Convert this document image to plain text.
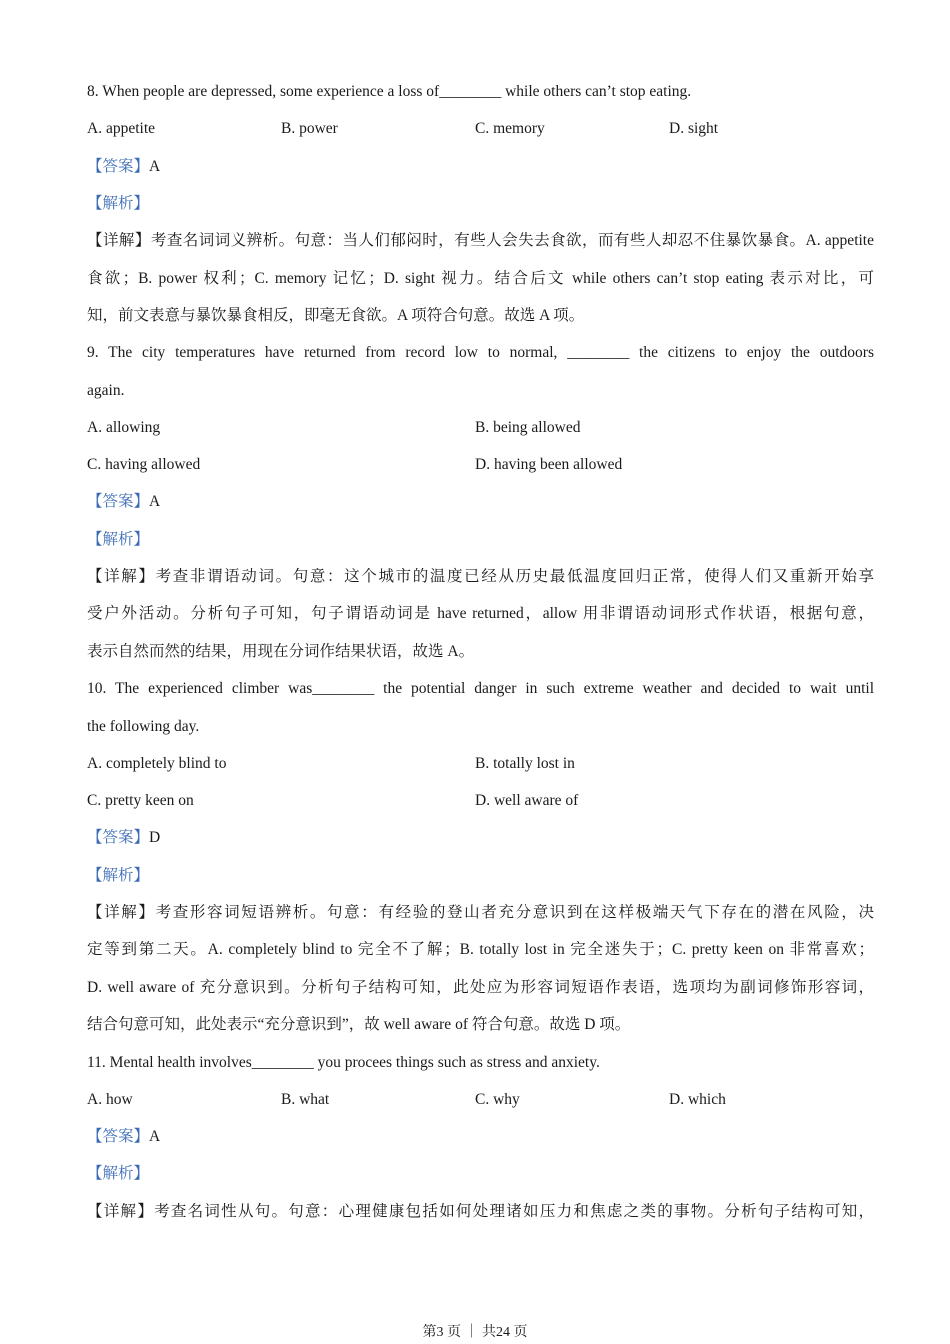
8. When people are depressed, some experience a loss of________ while others can’t stop eating.
A. appetite	B. power	C. memory	D. sight
【答案】A
【解析】
【详解】考查名词词义辨析。句意：当人们郁闷时，有些人会失去食欲，而有些人却忍不住暴饮暴食。A. appetite
食欲；B. power 权利；C. memory 记忆；D. sight 视力。结合后文 while others can’t stop eating 表示对比，可
知，前文表意与暴饮暴食相反，即毫无食欲。A 项符合句意。故选 A 项。
9. The city temperatures have returned from record low to normal, ________ the citizens to enjoy the outdoors
again.
A. allowing	B. being allowed
C. having allowed	D. having been allowed
【答案】A
【解析】
【详解】考查非谓语动词。句意：这个城市的温度已经从历史最低温度回归正常，使得人们又重新开始享
受户外活动。分析句子可知，句子谓语动词是 have returned，allow 用非谓语动词形式作状语，根据句意，
表示自然而然的结果，用现在分词作结果状语，故选 A。
10. The experienced climber was________ the potential danger in such extreme weather and decided to wait until
the following day.
A. completely blind to	B. totally lost in
C. pretty keen on	D. well aware of
【答案】D
【解析】
【详解】考查形容词短语辨析。句意：有经验的登山者充分意识到在这样极端天气下存在的潜在风险，决
定等到第二天。A. completely blind to 完全不了解；B. totally lost in 完全迷失于；C. pretty keen on 非常喜欢；
D. well aware of 充分意识到。分析句子结构可知，此处应为形容词短语作表语，选项均为副词修饰形容词，
结合句意可知，此处表示“充分意识到”，故 well aware of 符合句意。故选 D 项。
11. Mental health involves________ you procees things such as stress and anxiety.
A. how	B. what	C. why	D. which
【答案】A
【解析】
【详解】考查名词性从句。句意：心理健康包括如何处理诸如压力和焦虑之类的事物。分析句子结构可知，
第3 页 ｜ 共24 页
